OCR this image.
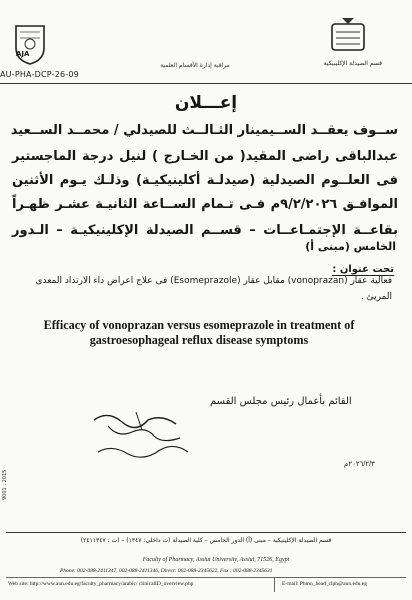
AJA
AU-PHA-DCP-26-09
مراقبة إدارة الأقسام العلمية	قسم الصيدلة الإكلينيكية
إعـــلان
ســوف يعقــد الســيمينار الثـالــث للصيدلي / محمــد الســعيد
عبدالباقى راضى المقيد( من الخـارج ) لنيل درجة الماجستير
فى العلــوم الصيدلية (صيدلـة أكلينيكيـة) وذلـك يـوم الأثنين
الموافـق ٩/٢/٢٠٢٦م فـى تـمام الســاعة الثانيـة عشـر ظهـراً
بقاعــة الإجتمـاعــات – قســم الصيدلة الإكلينيكيـة – الـدور
الخامس (مبنى أ)
تحت عنوان :
فعالية عقار (vonoprazan) مقابل عقار (Esomeprazole) فى علاج اعراض داء الارتداد المعدى
المريئ .
Efficacy of vonoprazan versus esomeprazole in treatment of gastroesophageal reflux disease symptoms
القائم بأعمال رئيس مجلس القسم
٢٠٢٦/٢/٣م
9001 : 2015
قسم الصيدلة الإكلينيكية – مبنى (أ) الدور الخامس – كلية الصيدلة (ت داخلى: ١٣٤٧) – (ت : ٢٤١١٣٤٧)
Faculty of Pharmacy, Assiut University, Assiut, 71526, Egypt
Phone: 002-088-2411347, 002-088-2411346, Direct: 002-088-2345622, Fax : 002-088-2345631
Web site: http://www.aun.edu.eg/faculty_pharmacy/arabic/ clinicalID_overview.php	E-mail: Phmn_head_clph@aun.edu.eg
